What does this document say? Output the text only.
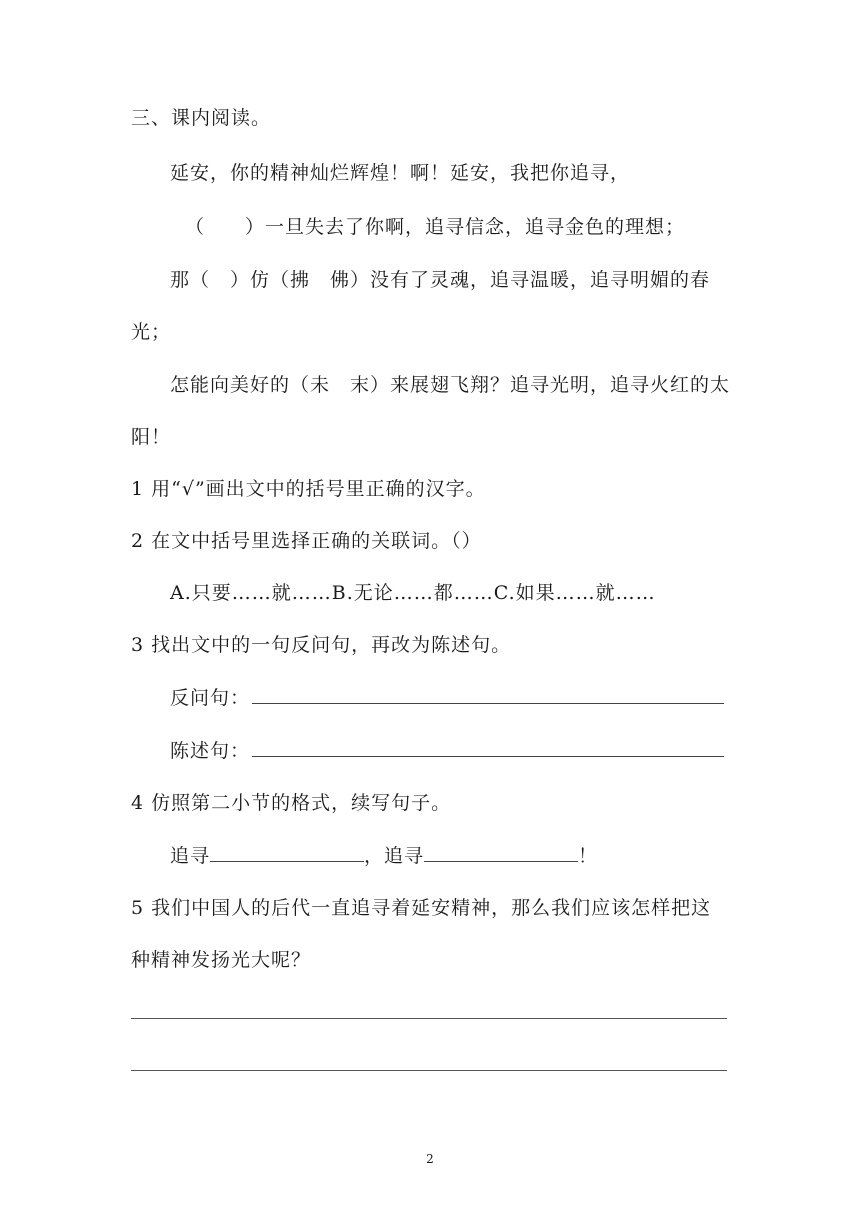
三、课内阅读。
延安，你的精神灿烂辉煌！啊！延安，我把你追寻，
（　　）一旦失去了你啊，追寻信念，追寻金色的理想；
那（　）仿（拂　佛）没有了灵魂，追寻温暖，追寻明媚的春
光；
怎能向美好的（未　末）来展翅飞翔？追寻光明，追寻火红的太
阳！
1 用“√”画出文中的括号里正确的汉字。
2 在文中括号里选择正确的关联词。（）
A.只要……就……B.无论……都……C.如果……就……
3 找出文中的一句反问句，再改为陈述句。
反问句：
陈述句：
4 仿照第二小节的格式，续写句子。
追寻	，追寻	！
5 我们中国人的后代一直追寻着延安精神，那么我们应该怎样把这
种精神发扬光大呢？
2
